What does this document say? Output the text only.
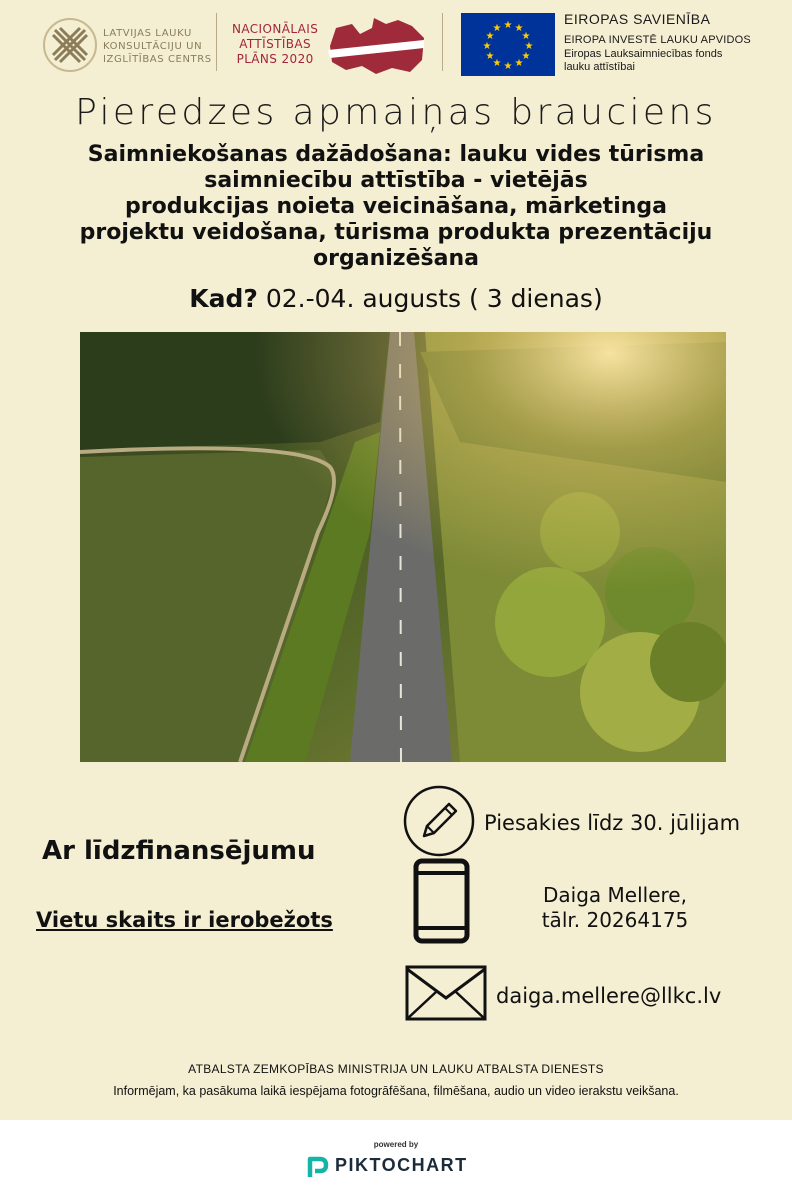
LATVIJAS LAUKU
KONSULTĀCIJU UN
IZGLĪTĪBAS CENTRS
NACIONĀLAIS
ATTĪSTĪBAS
PLĀNS 2020
★ ★
★
★
★
★
★
★
★
★
★
★
EIROPAS SAVIENĪBA
EIROPA INVESTĒ LAUKU APVIDOS
Eiropas Lauksaimniecības fonds
lauku attīstībai
Pieredzes apmaiņas brauciens
Saimniekošanas dažādošana: lauku vides tūrisma
saimniecību attīstība - vietējās
produkcijas noieta veicināšana, mārketinga
projektu veidošana, tūrisma produkta prezentāciju
organizēšana
Kad? 02.-04. augusts ( 3 dienas)
Ar līdzfinansējumu
Vietu skaits ir ierobežots
Piesakies līdz 30. jūlijam
Daiga Mellere,
tālr. 20264175
daiga.mellere@llkc.lv
ATBALSTA ZEMKOPĪBAS MINISTRIJA UN LAUKU ATBALSTA DIENESTS
Informējam, ka pasākuma laikā iespējama fotogrāfēšana, filmēšana, audio un video ierakstu veikšana.
powered by
PIKTOCHART
